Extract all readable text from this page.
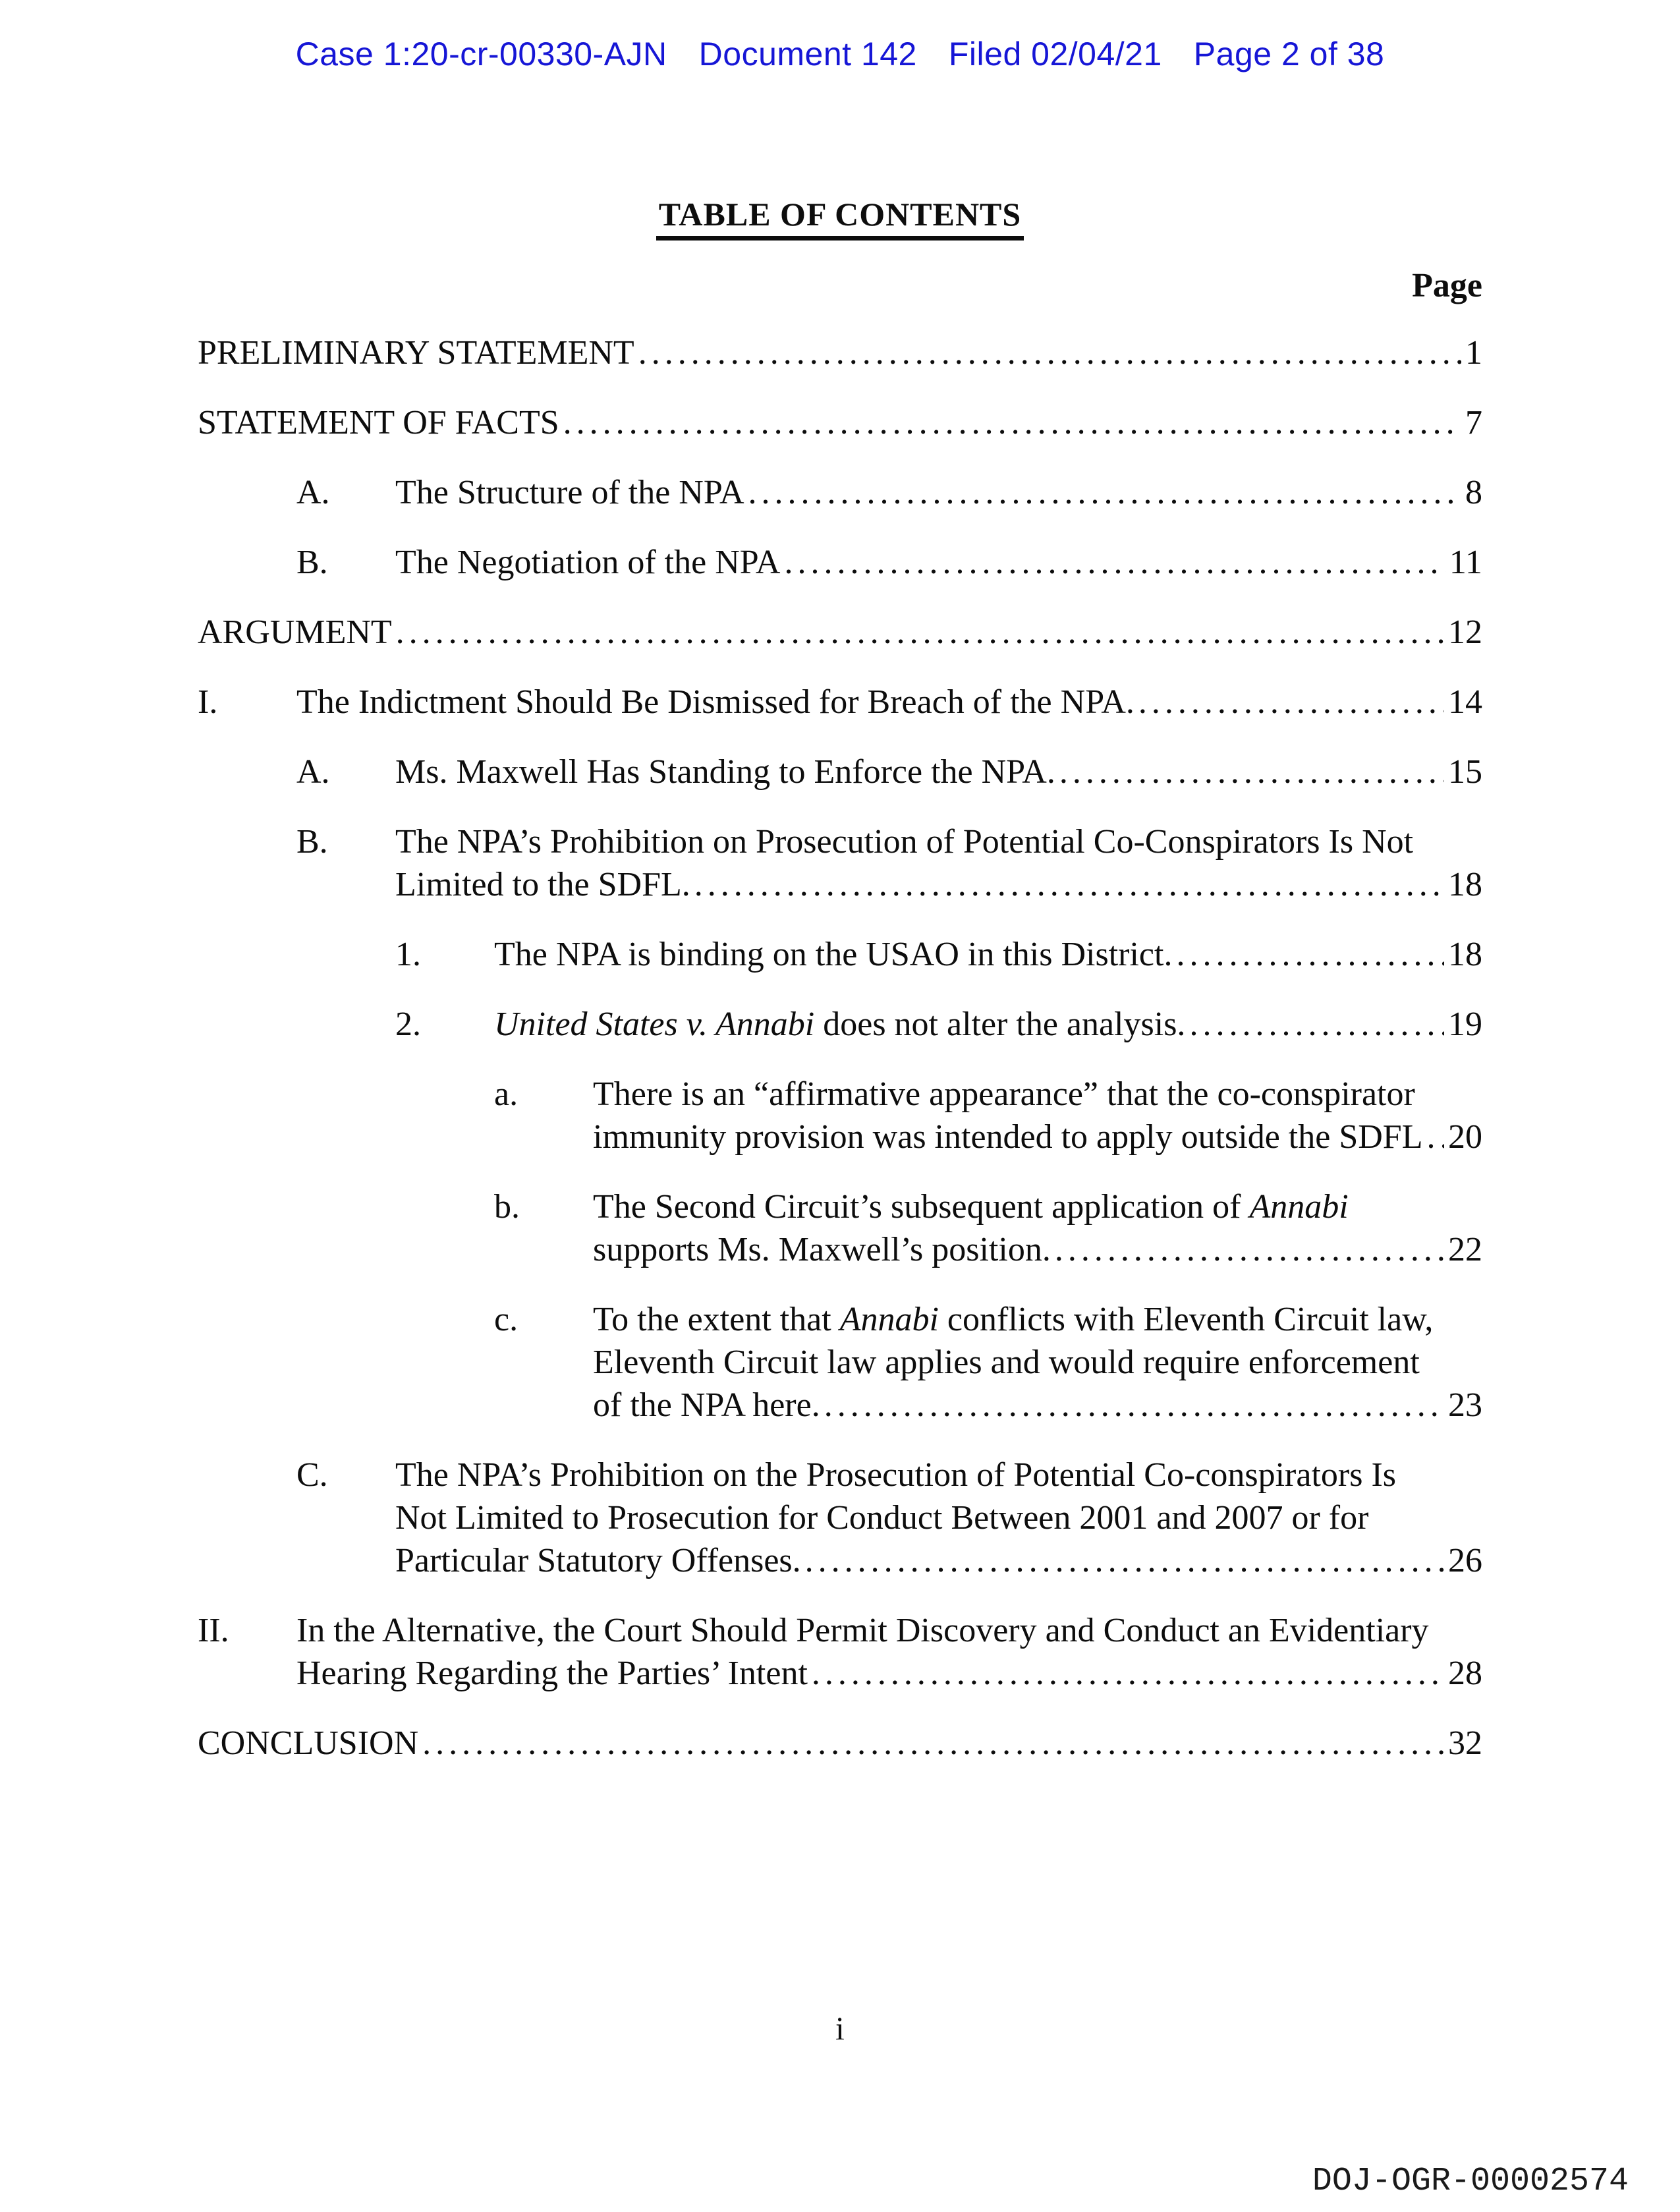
Case 1:20-cr-00330-AJN Document 142 Filed 02/04/21 Page 2 of 38
TABLE OF CONTENTS
Page
PRELIMINARY STATEMENT .....	1
STATEMENT OF FACTS .....	7
A. The Structure of the NPA .....	8
B. The Negotiation of the NPA .....	11
ARGUMENT .....	12
I. The Indictment Should Be Dismissed for Breach of the NPA. .....	14
A. Ms. Maxwell Has Standing to Enforce the NPA. .....	15
B. The NPA’s Prohibition on Prosecution of Potential Co-Conspirators Is Not
Limited to the SDFL. .....	18
1. The NPA is binding on the USAO in this District. .....	18
2. United States v. Annabi does not alter the analysis. .....	19
a. There is an “affirmative appearance” that the co-conspirator
immunity provision was intended to apply outside the SDFL ..... 20
b. The Second Circuit’s subsequent application of Annabi
supports Ms. Maxwell’s position. .....	22
c. To the extent that Annabi conflicts with Eleventh Circuit law,
Eleventh Circuit law applies and would require enforcement
of the NPA here. .....	23
C. The NPA’s Prohibition on the Prosecution of Potential Co-conspirators Is
Not Limited to Prosecution for Conduct Between 2001 and 2007 or for
Particular Statutory Offenses. .....	26
II. In the Alternative, the Court Should Permit Discovery and Conduct an Evidentiary
Hearing Regarding the Parties’ Intent .....	28
CONCLUSION .....	32
i
DOJ-OGR-00002574
